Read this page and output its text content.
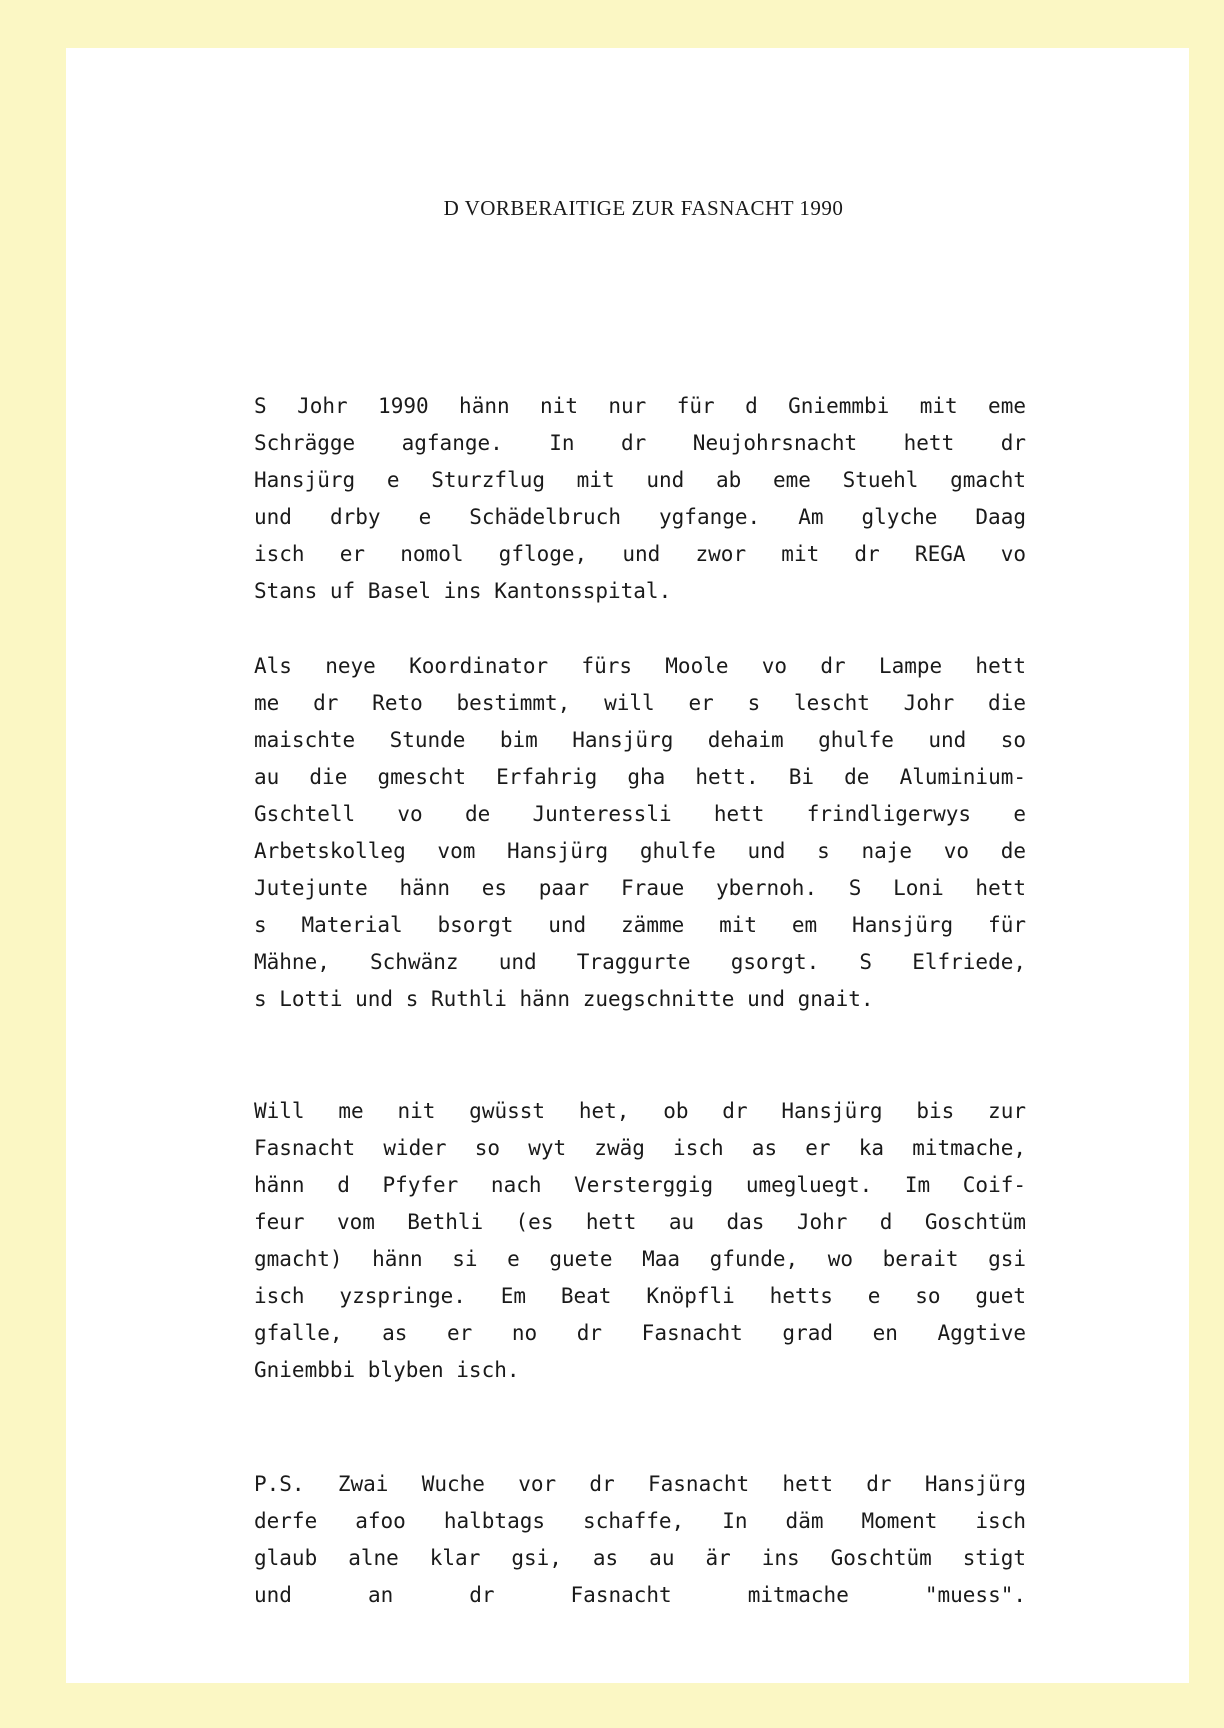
D VORBERAITIGE ZUR FASNACHT 1990
S Johr 1990 hänn nit nur für d Gniemmbi mit eme
Schrägge agfange. In dr Neujohrsnacht hett dr
Hansjürg e Sturzflug mit und ab eme Stuehl gmacht
und drby e Schädelbruch ygfange. Am glyche Daag
isch er nomol gfloge, und zwor mit dr REGA vo
Stans uf Basel ins Kantonsspital.
Als neye Koordinator fürs Moole vo dr Lampe hett
me dr Reto bestimmt, will er s lescht Johr die
maischte Stunde bim Hansjürg dehaim ghulfe und so
au die gmescht Erfahrig gha hett. Bi de Aluminium-
Gschtell vo de Junteressli hett frindligerwys e
Arbetskolleg vom Hansjürg ghulfe und s naje vo de
Jutejunte hänn es paar Fraue ybernoh. S Loni hett
s Material bsorgt und zämme mit em Hansjürg für
Mähne, Schwänz und Traggurte gsorgt. S Elfriede,
s Lotti und s Ruthli hänn zuegschnitte und gnait.
Will me nit gwüsst het, ob dr Hansjürg bis zur
Fasnacht wider so wyt zwäg isch as er ka mitmache,
hänn d Pfyfer nach Versterggig umegluegt. Im Coif-
feur vom Bethli (es hett au das Johr d Goschtüm
gmacht) hänn si e guete Maa gfunde, wo berait gsi
isch yzspringe. Em Beat Knöpfli hetts e so guet
gfalle, as er no dr Fasnacht grad en Aggtive
Gniembbi blyben isch.
P.S. Zwai Wuche vor dr Fasnacht hett dr Hansjürg
derfe afoo halbtags schaffe, In däm Moment isch
glaub alne klar gsi, as au är ins Goschtüm stigt
und an dr Fasnacht mitmache "muess".
